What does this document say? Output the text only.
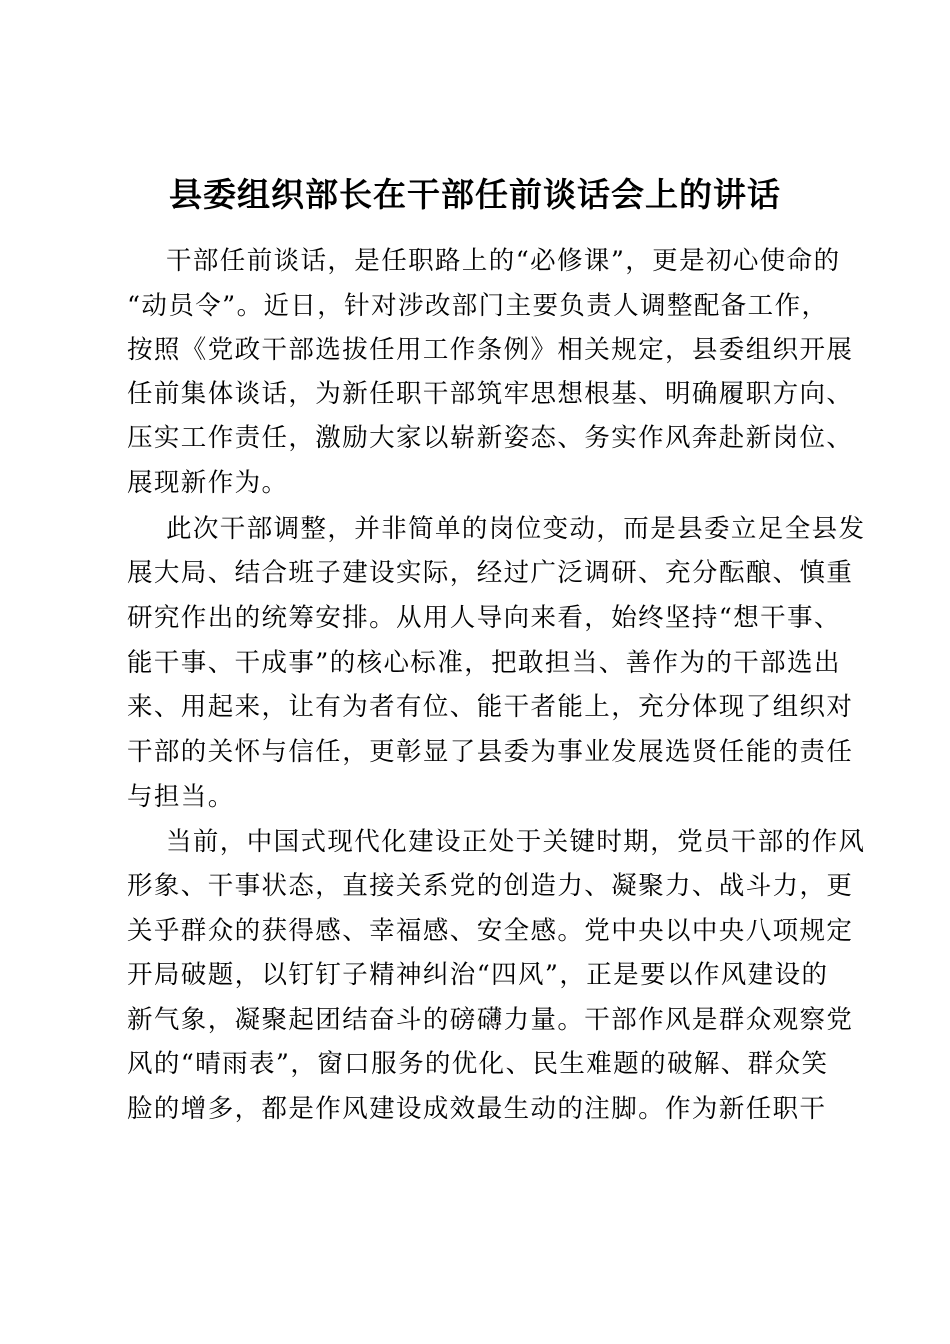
县委组织部长在干部任前谈话会上的讲话

干部任前谈话，是任职路上的“必修课”，更是初心使命的

“动员令”。近日，针对涉改部门主要负责人调整配备工作，

按照《党政干部选拔任用工作条例》相关规定，县委组织开展

任前集体谈话，为新任职干部筑牢思想根基、明确履职方向、

压实工作责任，激励大家以崭新姿态、务实作风奔赴新岗位、

展现新作为。

此次干部调整，并非简单的岗位变动，而是县委立足全县发

展大局、结合班子建设实际，经过广泛调研、充分酝酿、慎重

研究作出的统筹安排。从用人导向来看，始终坚持“想干事、

能干事、干成事”的核心标准，把敢担当、善作为的干部选出

来、用起来，让有为者有位、能干者能上，充分体现了组织对

干部的关怀与信任，更彰显了县委为事业发展选贤任能的责任

与担当。

当前，中国式现代化建设正处于关键时期，党员干部的作风

形象、干事状态，直接关系党的创造力、凝聚力、战斗力，更

关乎群众的获得感、幸福感、安全感。党中央以中央八项规定

开局破题，以钉钉子精神纠治“四风”，正是要以作风建设的

新气象，凝聚起团结奋斗的磅礴力量。干部作风是群众观察党

风的“晴雨表”，窗口服务的优化、民生难题的破解、群众笑

脸的增多，都是作风建设成效最生动的注脚。作为新任职干
